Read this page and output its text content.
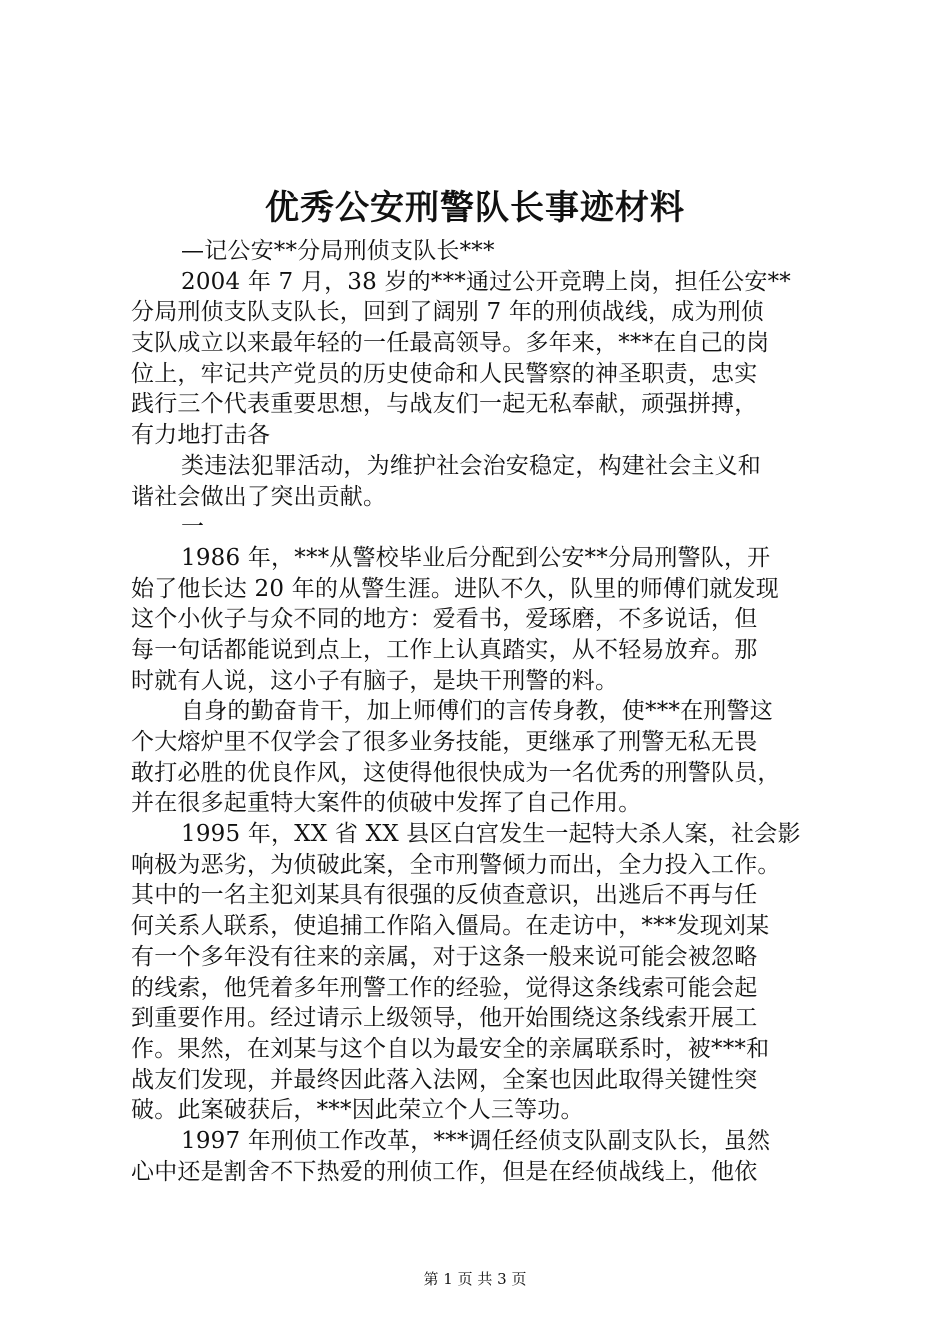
优秀公安刑警队长事迹材料
—记公安**分局刑侦支队长***
2004 年 7 月，38 岁的***通过公开竞聘上岗，担任公安**
分局刑侦支队支队长，回到了阔别 7 年的刑侦战线，成为刑侦
支队成立以来最年轻的一任最高领导。多年来，***在自己的岗
位上，牢记共产党员的历史使命和人民警察的神圣职责，忠实
践行三个代表重要思想，与战友们一起无私奉献，顽强拼搏，
有力地打击各
类违法犯罪活动，为维护社会治安稳定，构建社会主义和
谐社会做出了突出贡献。
一
1986 年，***从警校毕业后分配到公安**分局刑警队，开
始了他长达 20 年的从警生涯。进队不久，队里的师傅们就发现
这个小伙子与众不同的地方：爱看书，爱琢磨，不多说话，但
每一句话都能说到点上，工作上认真踏实，从不轻易放弃。那
时就有人说，这小子有脑子，是块干刑警的料。
自身的勤奋肯干，加上师傅们的言传身教，使***在刑警这
个大熔炉里不仅学会了很多业务技能，更继承了刑警无私无畏
敢打必胜的优良作风，这使得他很快成为一名优秀的刑警队员，
并在很多起重特大案件的侦破中发挥了自己作用。
1995 年，XX 省 XX 县区白宫发生一起特大杀人案，社会影
响极为恶劣，为侦破此案，全市刑警倾力而出，全力投入工作。
其中的一名主犯刘某具有很强的反侦查意识，出逃后不再与任
何关系人联系，使追捕工作陷入僵局。在走访中，***发现刘某
有一个多年没有往来的亲属，对于这条一般来说可能会被忽略
的线索，他凭着多年刑警工作的经验，觉得这条线索可能会起
到重要作用。经过请示上级领导，他开始围绕这条线索开展工
作。果然，在刘某与这个自以为最安全的亲属联系时，被***和
战友们发现，并最终因此落入法网，全案也因此取得关键性突
破。此案破获后，***因此荣立个人三等功。
1997 年刑侦工作改革，***调任经侦支队副支队长，虽然
心中还是割舍不下热爱的刑侦工作，但是在经侦战线上，他依
第 1 页 共 3 页
